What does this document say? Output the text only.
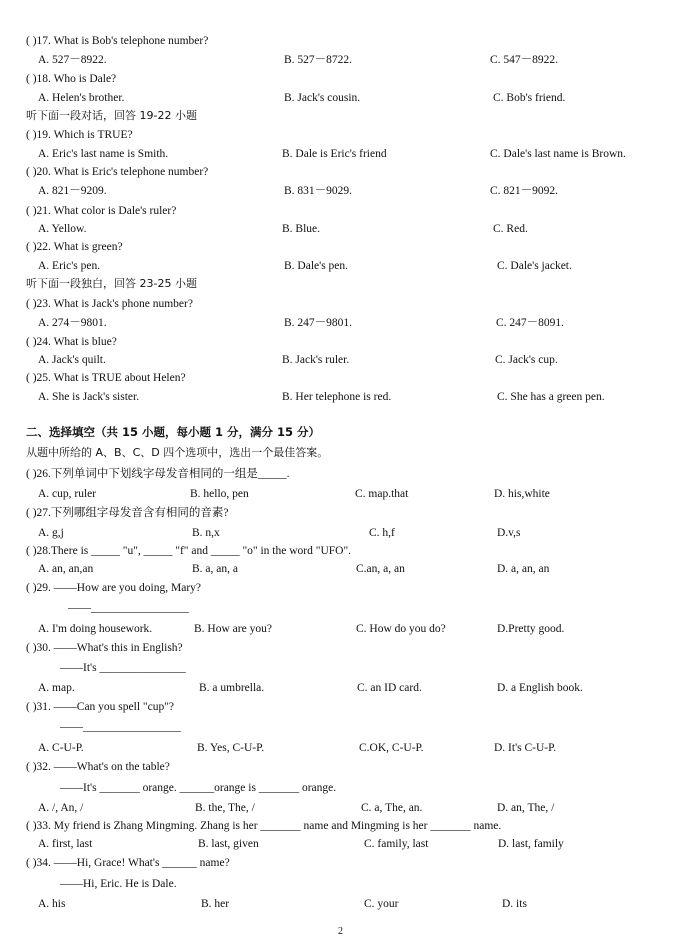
( )17. What is Bob's telephone number?
A. 527－8922.	B. 527－8722.	C. 547－8922.
( )18. Who is Dale?
A. Helen's brother.	B. Jack's cousin.	C. Bob's friend.
听下面一段对话，回答 19-22 小题
( )19. Which is TRUE?
A. Eric's last name is Smith.	B. Dale is Eric's friend	C. Dale's last name is Brown.
( )20. What is Eric's telephone number?
A. 821－9209.	B. 831－9029.	C. 821－9092.
( )21. What color is Dale's ruler?
A. Yellow.	B. Blue.	C. Red.
( )22. What is green?
A. Eric's pen.	B. Dale's pen.	C. Dale's jacket.
听下面一段独白，回答 23-25 小题
( )23. What is Jack's phone number?
A. 274－9801.	B. 247－9801.	C. 247－8091.
( )24. What is blue?
A. Jack's quilt.	B. Jack's ruler.	C. Jack's cup.
( )25. What is TRUE about Helen?
A. She is Jack's sister.	B. Her telephone is red.	C. She has a green pen.
二、选择填空（共 15 小题，每小题 1 分，满分 15 分）
从题中所给的 A、B、C、D 四个选项中，选出一个最佳答案。
( )26.下列单词中下划线字母发音相同的一组是_____.
A. cup, ruler	B. hello, pen	C. map.that	D. his,white
( )27.下列哪组字母发音含有相同的音素?
A. g,j	B. n,x	C. h,f	D.v,s
( )28.There is _____ "u", _____ "f" and _____ "o" in the word "UFO".
A. an, an,an	B. a, an, a	C.an, a, an	D. a, an, an
( )29. ——How are you doing, Mary?
——_________________
A. I'm doing housework.	B. How are you?	C. How do you do?	D.Pretty good.
( )30. ——What's this in English?
——It's _______________
A. map.	B. a umbrella.	C. an ID card.	D. a English book.
( )31. ——Can you spell "cup"?
——_________________
A. C-U-P.	B. Yes, C-U-P.	C.OK, C-U-P.	D. It's C-U-P.
( )32. ——What's on the table?
——It's _______ orange. ______orange is _______ orange.
A. /, An, /	B. the, The, /	C. a, The, an.	D. an, The, /
( )33. My friend is Zhang Mingming. Zhang is her _______ name and Mingming is her _______ name.
A. first, last	B. last, given	C. family, last	D. last, family
( )34. ——Hi, Grace! What's ______ name?
——Hi, Eric. He is Dale.
A. his	B. her	C. your	D. its
2
